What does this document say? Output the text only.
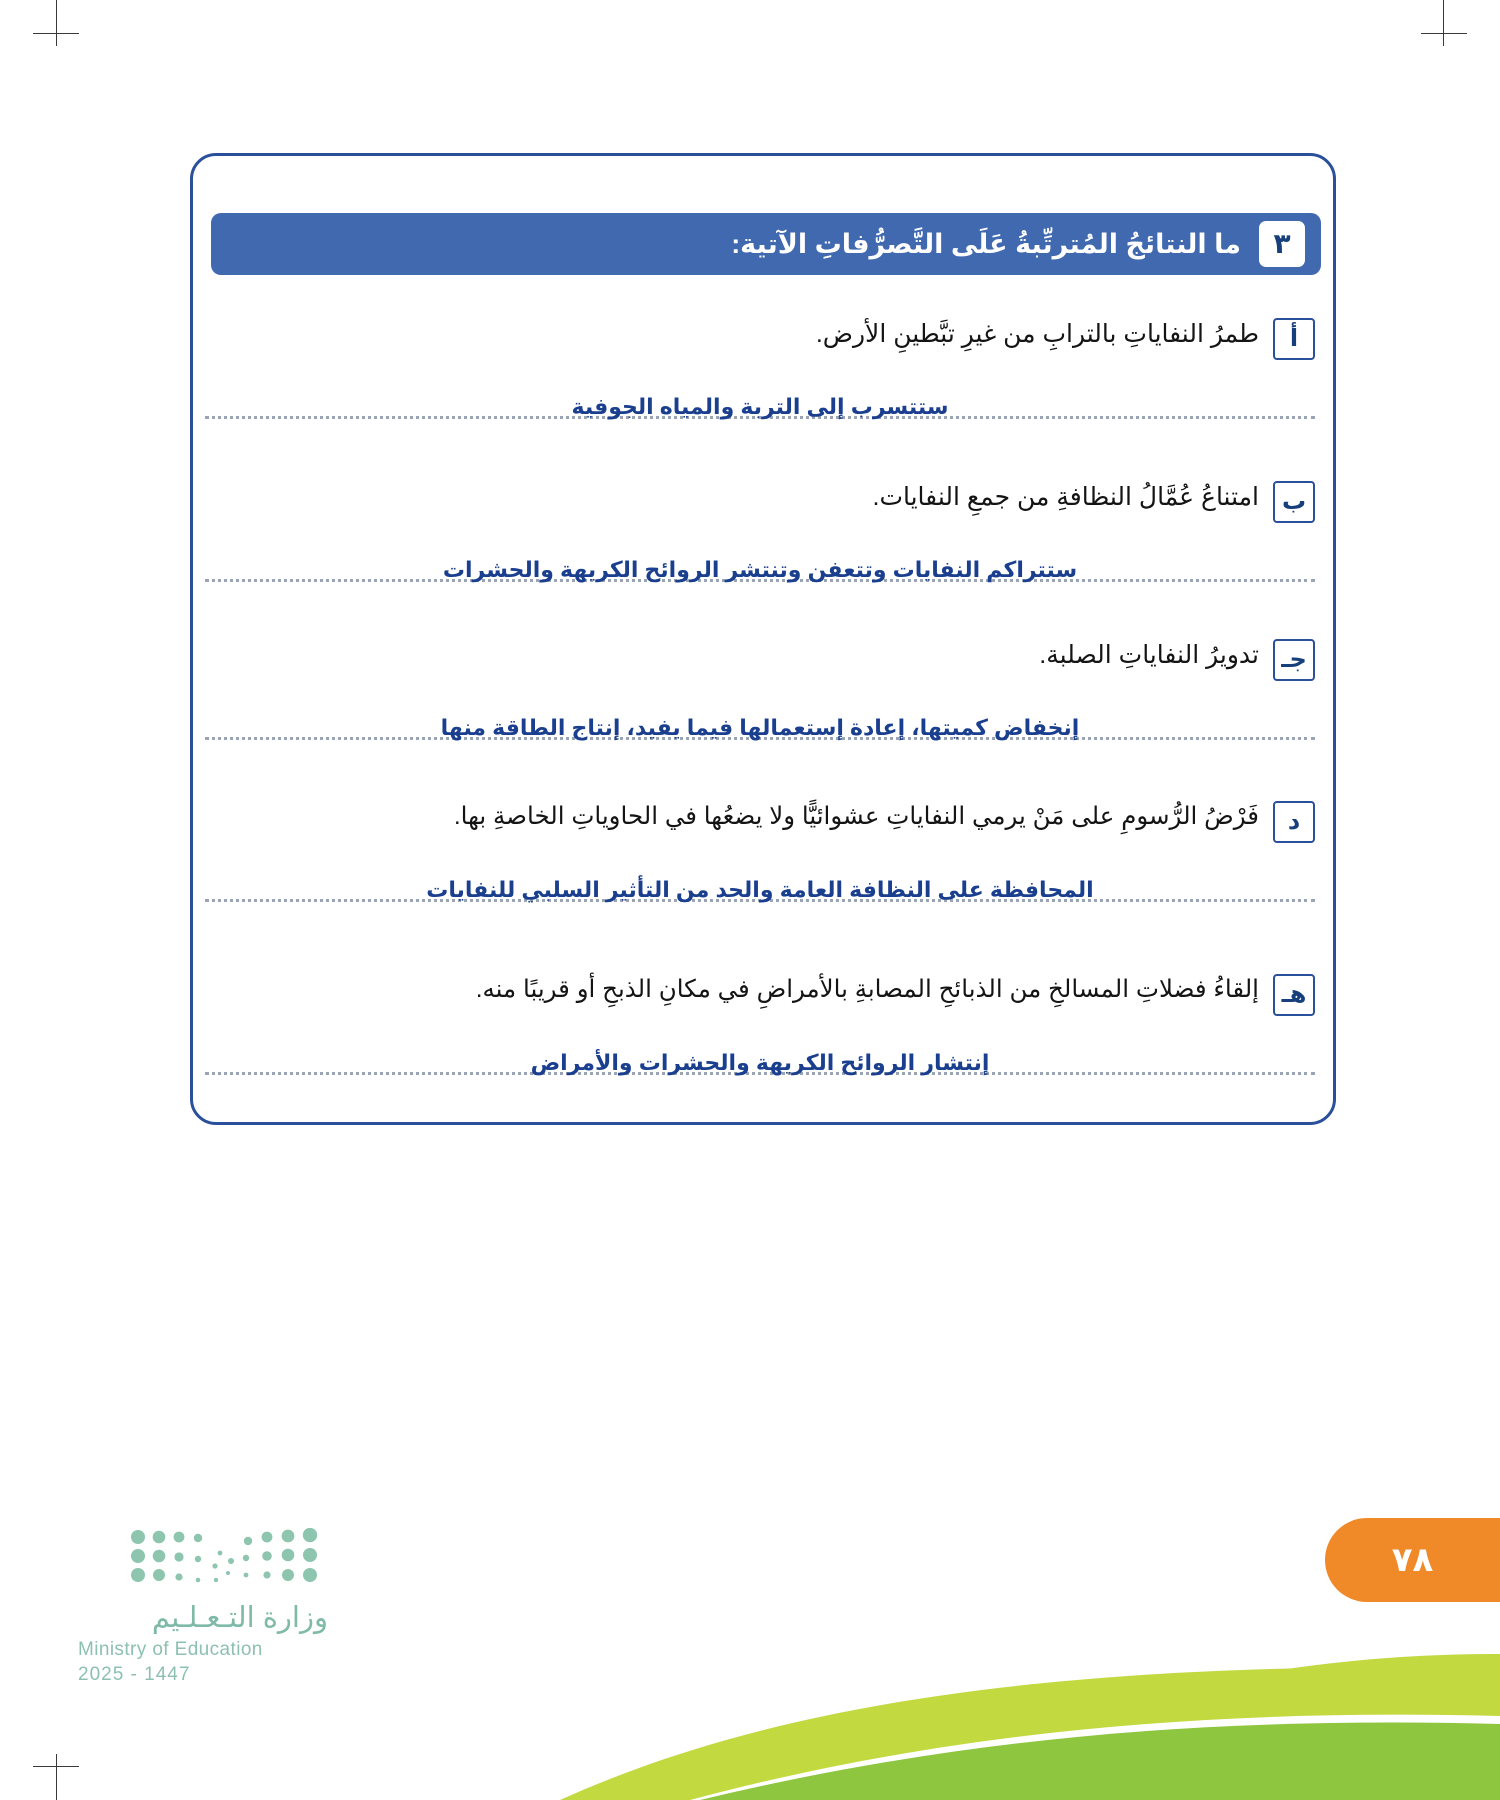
٣
ما النتائجُ المُترتِّبةُ عَلَى التَّصرُّفاتِ الآتية:
أ
طمرُ النفاياتِ بالترابِ من غيرِ تبَّطينِ الأرض.
ستتسرب إلى التربة والمياه الجوفية
ب
امتناعُ عُمَّالُ النظافةِ من جمعِ النفايات.
ستتراكم النفايات وتتعفن وتنتشر الروائح الكريهة والحشرات
جـ
تدويرُ النفاياتِ الصلبة.
إنخفاض كميتها، إعادة إستعمالها فيما يفيد، إنتاج الطاقة منها
د
فَرْضُ الرُّسومِ على مَنْ يرمي النفاياتِ عشوائيًّا ولا يضعُها في الحاوياتِ الخاصةِ بها.
المحافظة على النظافة العامة والحد من التأثير السلبي للنفايات
هـ
إلقاءُ فضلاتِ المسالخِ من الذبائحِ المصابةِ بالأمراضِ في مكانِ الذبحِ أو قريبًا منه.
إنتشار الروائح الكريهة والحشرات والأمراض
٧٨
وزارة التـعـلـيم
Ministry of Education
2025 - 1447
